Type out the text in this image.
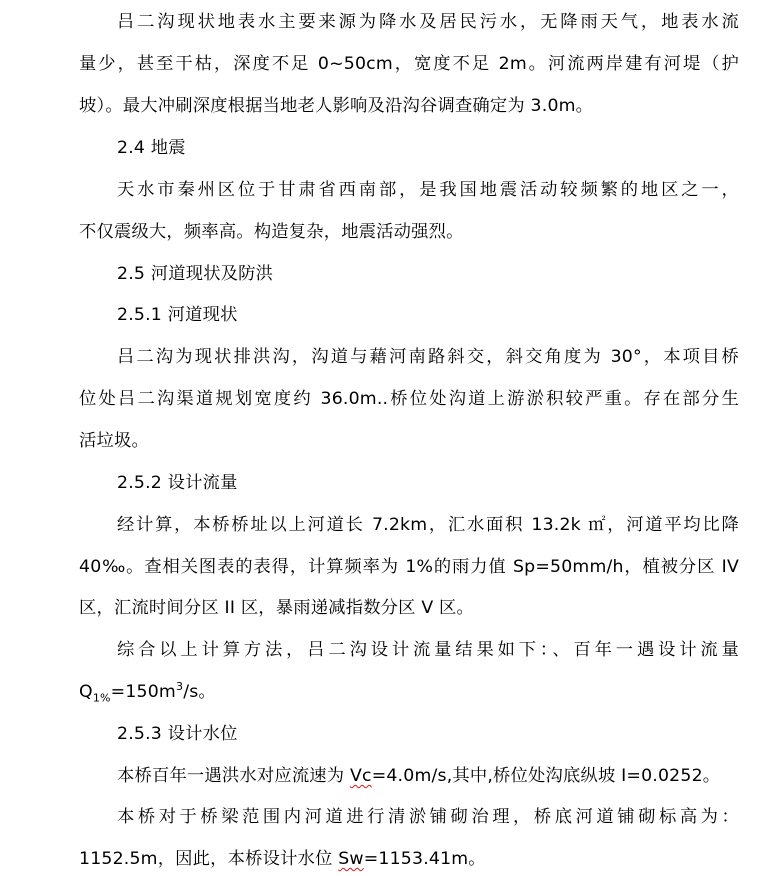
吕二沟现状地表水主要来源为降水及居民污水，无降雨天气，地表水流
量少，甚至干枯，深度不足 0~50cm，宽度不足 2m。河流两岸建有河堤（护
坡）。最大冲刷深度根据当地老人影响及沿沟谷调查确定为 3.0m。
2.4 地震
天水市秦州区位于甘肃省西南部，是我国地震活动较频繁的地区之一，
不仅震级大，频率高。构造复杂，地震活动强烈。
2.5 河道现状及防洪
2.5.1 河道现状
吕二沟为现状排洪沟，沟道与藉河南路斜交，斜交角度为 30°，本项目桥
位处吕二沟渠道规划宽度约 36.0m..桥位处沟道上游淤积较严重。存在部分生
活垃圾。
2.5.2 设计流量
经计算，本桥桥址以上河道长 7.2km，汇水面积 13.2k ㎡，河道平均比降
40‰。查相关图表的表得，计算频率为 1%的雨力值 Sp=50mm/h，植被分区 IV
区，汇流时间分区 II 区，暴雨递减指数分区 V 区。
综合以上计算方法，吕二沟设计流量结果如下：、百年一遇设计流量
$Q_{1\%}=150m^3/s$。
2.5.3 设计水位
本桥百年一遇洪水对应流速为 Vc=4.0m/s,其中,桥位处沟底纵坡 I=0.0252。
本桥对于桥梁范围内河道进行清淤铺砌治理，桥底河道铺砌标高为：
1152.5m，因此，本桥设计水位 Sw=1153.41m。
